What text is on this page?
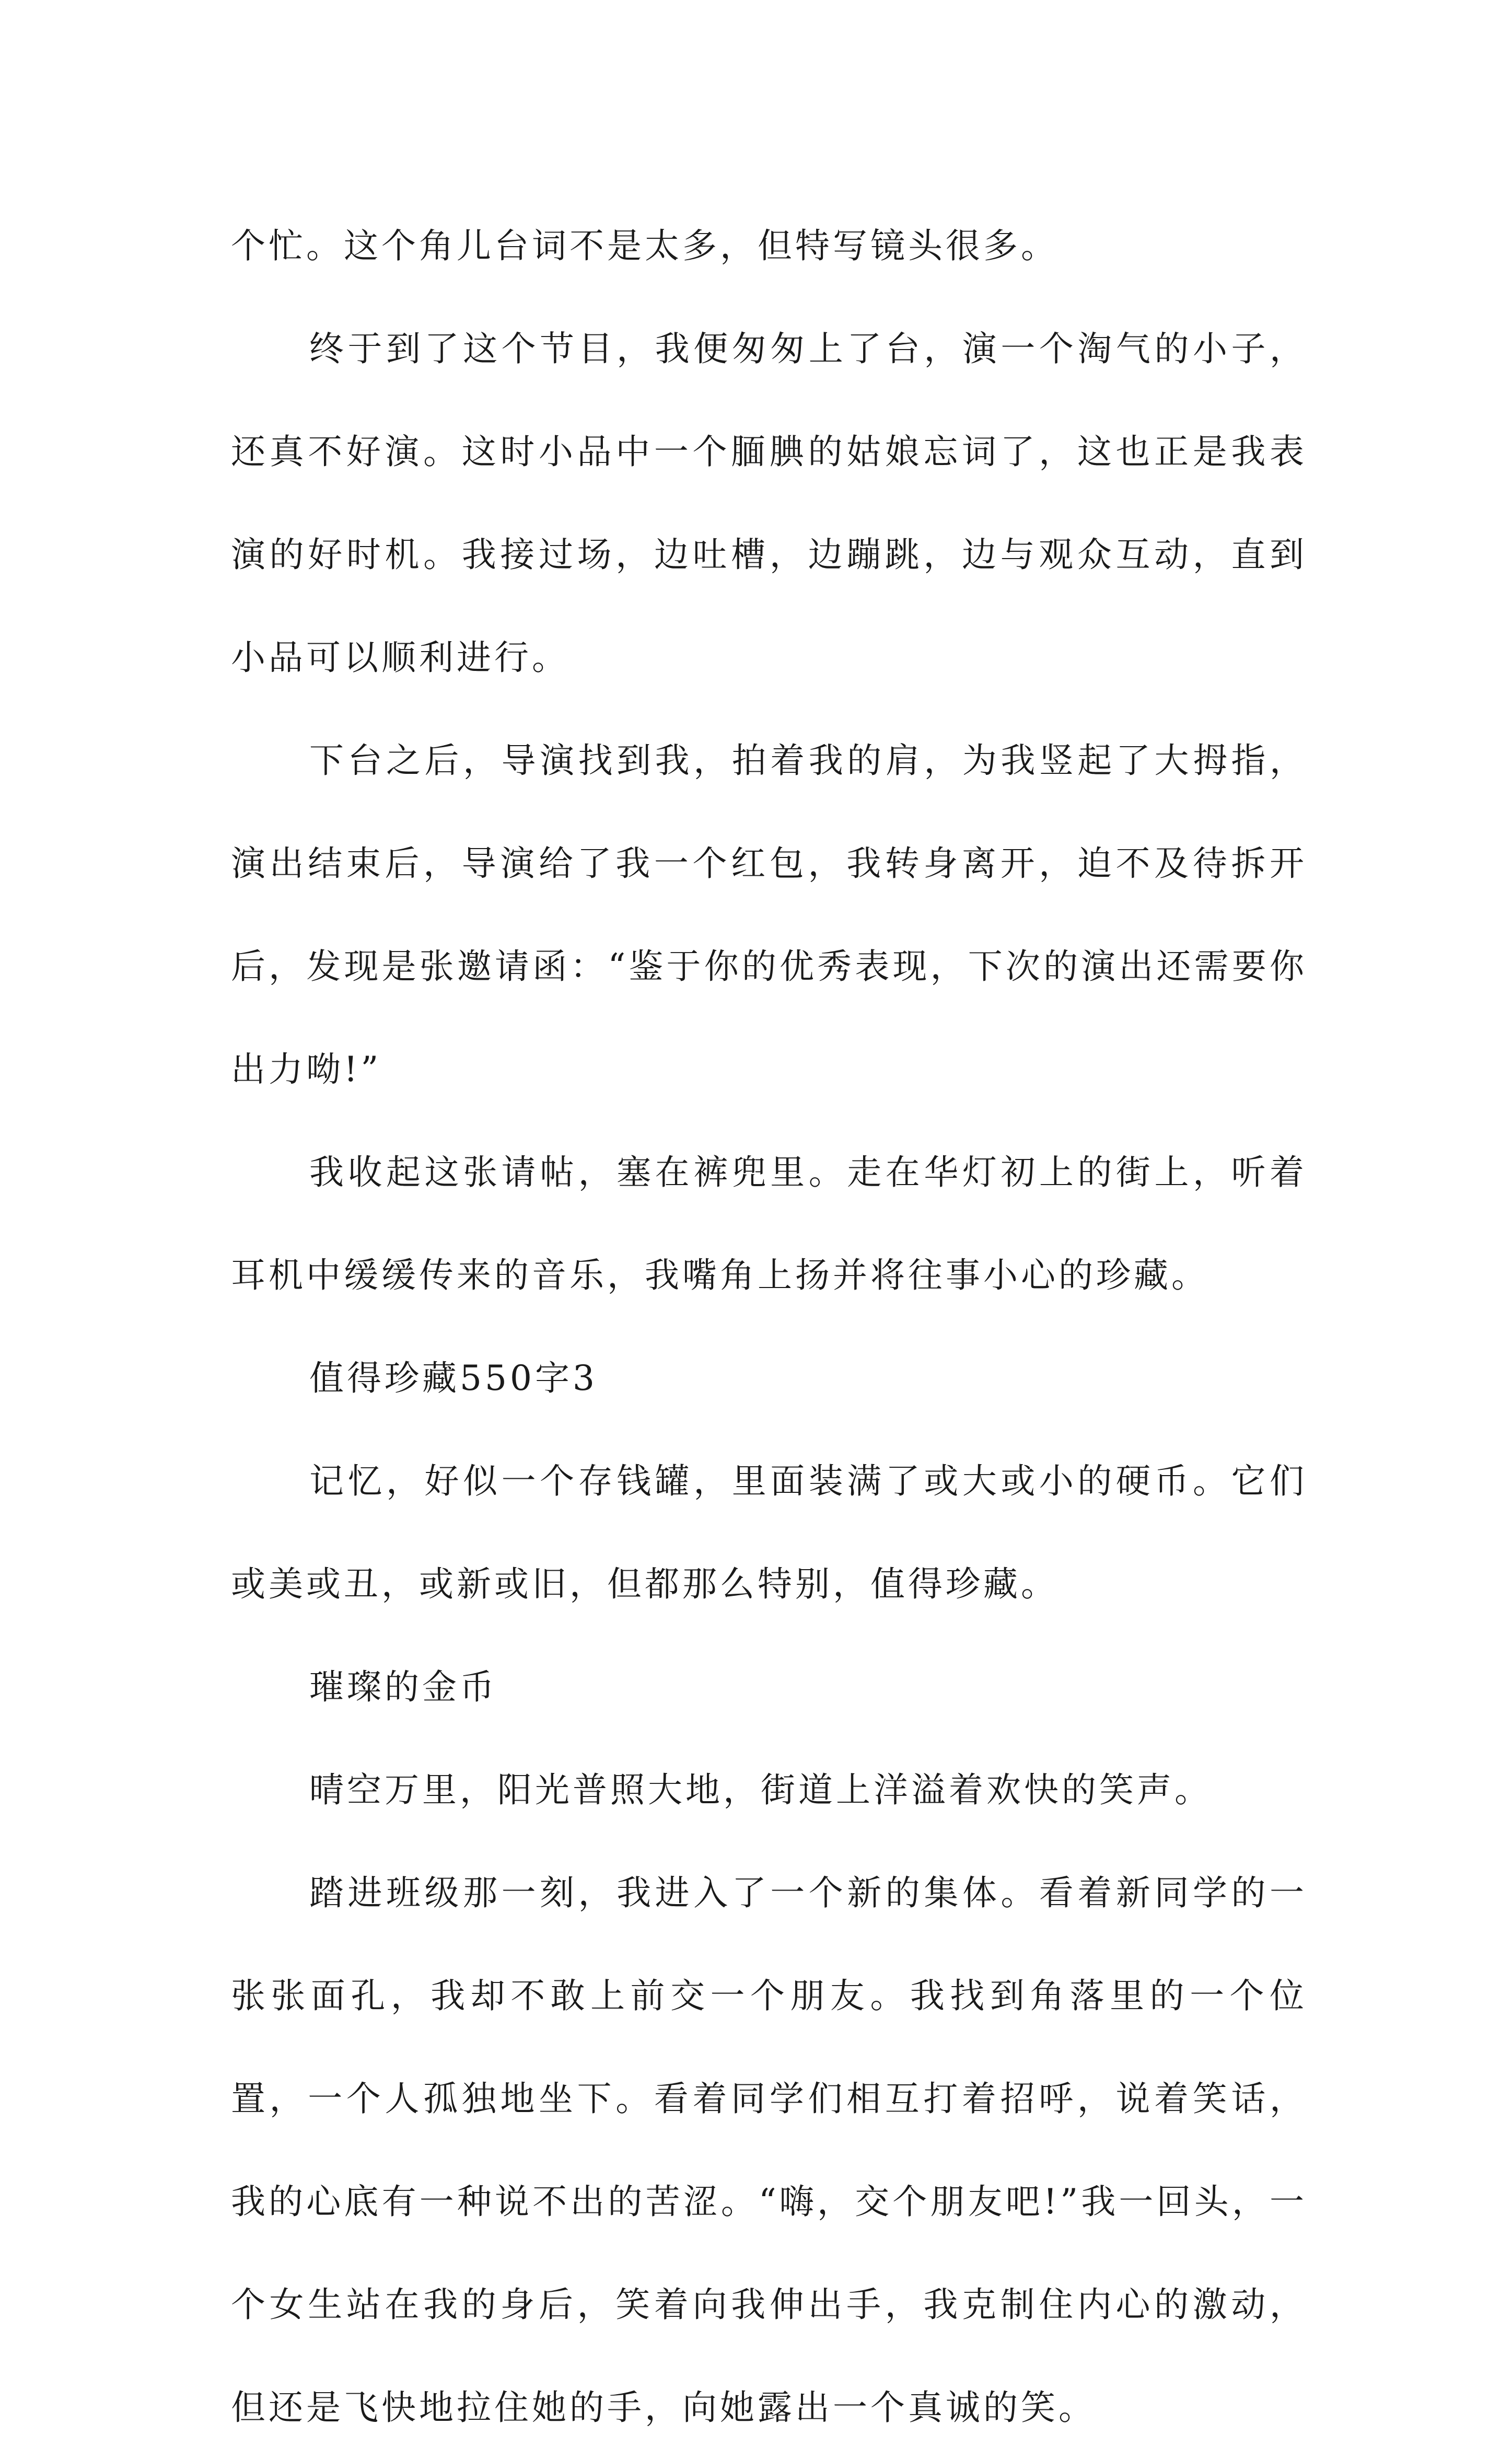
个忙。这个角儿台词不是太多，但特写镜头很多。

终于到了这个节目，我便匆匆上了台，演一个淘气的小子，还真不好演。这时小品中一个腼腆的姑娘忘词了，这也正是我表演的好时机。我接过场，边吐槽，边蹦跳，边与观众互动，直到小品可以顺利进行。

下台之后，导演找到我，拍着我的肩，为我竖起了大拇指，演出结束后，导演给了我一个红包，我转身离开，迫不及待拆开后，发现是张邀请函：“鉴于你的优秀表现，下次的演出还需要你出力呦!”

我收起这张请帖，塞在裤兜里。走在华灯初上的街上，听着耳机中缓缓传来的音乐，我嘴角上扬并将往事小心的珍藏。

值得珍藏550字3

记忆，好似一个存钱罐，里面装满了或大或小的硬币。它们或美或丑，或新或旧，但都那么特别，值得珍藏。

璀璨的金币

晴空万里，阳光普照大地，街道上洋溢着欢快的笑声。

踏进班级那一刻，我进入了一个新的集体。看着新同学的一张张面孔，我却不敢上前交一个朋友。我找到角落里的一个位置，一个人孤独地坐下。看着同学们相互打着招呼，说着笑话，我的心底有一种说不出的苦涩。“嗨，交个朋友吧!”我一回头，一个女生站在我的身后，笑着向我伸出手，我克制住内心的激动，但还是飞快地拉住她的手，向她露出一个真诚的笑。
